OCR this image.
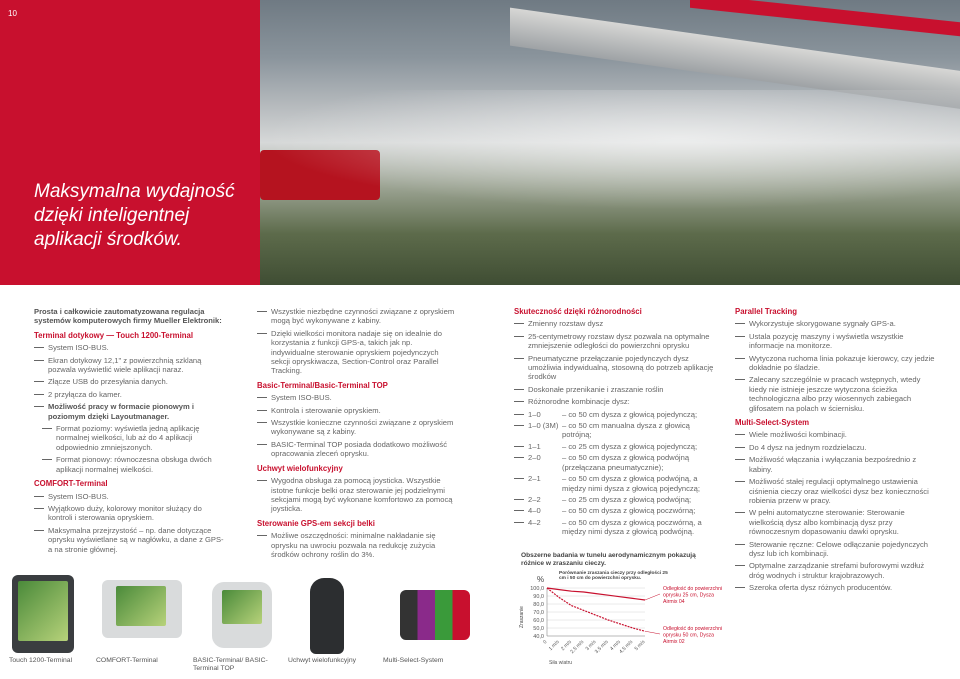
10
Maksymalna wydajność
dzięki inteligentnej
aplikacji środków.

Prosta i całkowicie zautomatyzowana regulacja systemów komputerowych firmy Mueller Elektronik:

Terminal dotykowy — Touch 1200-Terminal
System ISO-BUS.
Ekran dotykowy 12,1" z powierzchnią szklaną pozwala wyświetlić wiele aplikacji naraz.
Złącze USB do przesyłania danych.
2 przyłącza do kamer.
Możliwość pracy w formacie pionowym i poziomym dzięki Layoutmanager.
Format poziomy: wyświetla jedną aplikację normalnej wielkości, lub aż do 4 aplikacji odpowiednio zmniejszonych.
Format pionowy: równoczesna obsługa dwóch aplikacji normalnej wielkości.
COMFORT-Terminal
System ISO-BUS.
Wyjątkowo duży, kolorowy monitor służący do kontroli i sterowania opryskiem.
Maksymalna przejrzystość – np. dane dotyczące oprysku wyświetlane są w nagłówku, a dane z GPS-a na stronie głównej.
Wszystkie niezbędne czynności związane z opryskiem mogą być wykonywane z kabiny.
Dzięki wielkości monitora nadaje się on idealnie do korzystania z funkcji GPS-a, takich jak np. indywidualne sterowanie opryskiem pojedynczych sekcji opryskiwacza, Section-Control oraz Parallel Tracking.
Basic-Terminal/Basic-Terminal TOP
System ISO-BUS.
Kontrola i sterowanie opryskiem.
Wszystkie konieczne czynności związane z opryskiem wykonywane są z kabiny.
BASIC-Terminal TOP posiada dodatkowo możliwość opracowania zleceń oprysku.
Uchwyt wielofunkcyjny
Wygodna obsługa za pomocą joysticka. Wszystkie istotne funkcje belki oraz sterowanie jej podzielnymi sekcjami mogą być wykonane komfortowo za pomocą joysticka.
Sterowanie GPS-em sekcji belki
Możliwe oszczędności: minimalne nakładanie się oprysku na uwrociu pozwala na redukcję zużycia środków ochrony roślin do 3%.
Skuteczność dzięki różnorodności
Zmienny rozstaw dysz
25-centymetrowy rozstaw dysz pozwala na optymalne zmniejszenie odległości do powierzchni oprysku
Pneumatyczne przełączanie pojedynczych dysz umożliwia indywidualną, stosowną do potrzeb aplikację środków
Doskonałe przenikanie i zraszanie roślin
Różnorodne kombinacje dysz:
1–0	– co 50 cm dysza z głowicą pojedynczą;
1–0 (3M) – co 50 cm manualna dysza z głowicą potrójną;
1–1	– co 25 cm dysza z głowicą pojedynczą;
2–0	– co 50 cm dysza z głowicą podwójną (przełączana pneumatycznie);
2–1	– co 50 cm dysza z głowicą podwójną, a między nimi dysza z głowicą pojedynczą;
2–2	– co 25 cm dysza z głowicą podwójną;
4–0	– co 50 cm dysza z głowicą poczwórną;
4–2	– co 50 cm dysza z głowicą poczwórną, a między nimi dysza z głowicą podwójną.
Parallel Tracking
Wykorzystuje skorygowane sygnały GPS-a.
Ustala pozycję maszyny i wyświetla wszystkie informacje na monitorze.
Wytyczona ruchoma linia pokazuje kierowcy, czy jedzie dokładnie po śladzie.
Zalecany szczególnie w pracach wstępnych, wtedy kiedy nie istnieje jeszcze wytyczona ścieżka technologiczna albo przy wiosennych zabiegach glifosatem na polach w ściernisku.
Multi-Select-System
Wiele możliwości kombinacji.
Do 4 dysz na jednym rozdzielaczu.
Możliwość włączania i wyłączania bezpośrednio z kabiny.
Możliwość stałej regulacji optymalnego ustawienia ciśnienia cieczy oraz wielkości dysz bez konieczności robienia przerw w pracy.
W pełni automatyczne sterowanie: Sterowanie wielkością dysz albo kombinacją dysz przy równoczesnym dopasowaniu dawki oprysku.
Sterowanie ręczne: Celowe odłączanie pojedynczych dysz lub ich kombinacji.
Optymalne zarządzanie strefami buforowymi wzdłuż dróg wodnych i struktur krajobrazowych.
Szeroka oferta dysz różnych producentów.
Touch 1200-Terminal	COMFORT-Terminal	BASIC-Terminal/ BASIC-Terminal TOP
Uchwyt wielofunkcyjny	Multi-Select-System
Obszerne badania w tunelu aerodynamicznym pokazują różnice w zraszaniu cieczy.
%
Porównanie zraszania cieczy przy odległości 25
cm i 50 cm do powierzchni oprysku.
Zraszanie
100,0
90,0
80,0
70,0
60,0
50,0
40,0
0 1 m/s 2 m/s
2,5 m/s 3 m/s
3,5 m/s 4 m/s
4,5 m/s 5 m/s
Siła wiatru
Odległość do powierzchni
oprysku 25 cm, Dysza
Airmix 04
Odległość do powierzchni
oprysku 50 cm, Dysza
Airmix 02
